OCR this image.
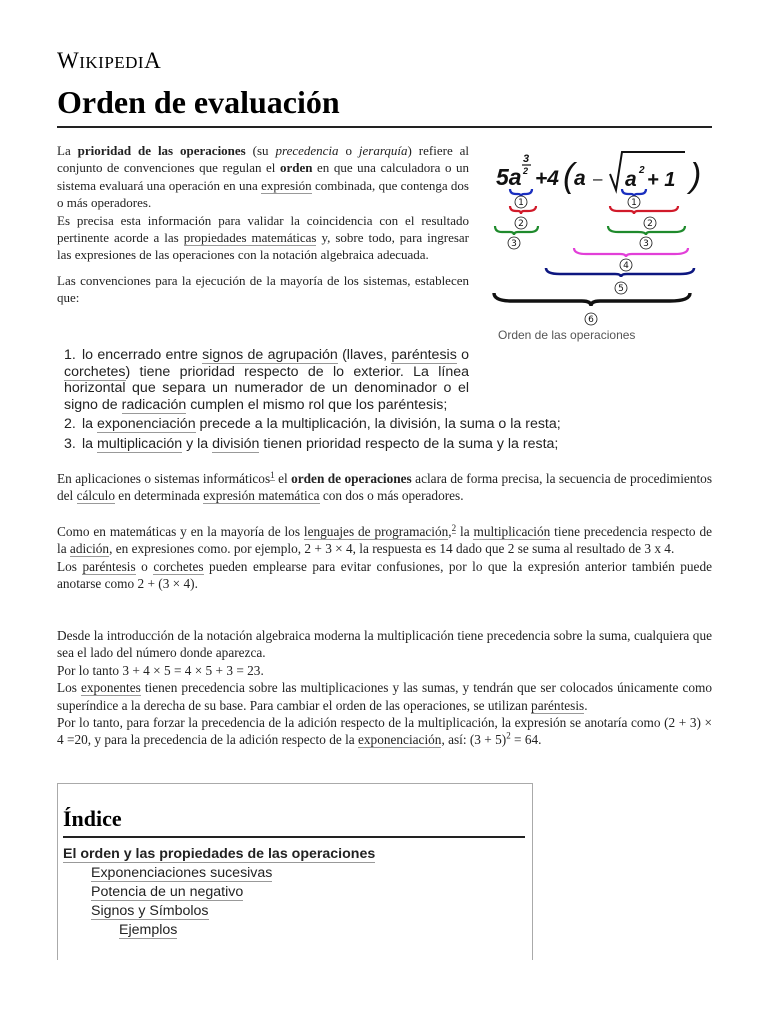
WIKIPEDIA
Orden de evaluación

La prioridad de las operaciones (su precedencia o jerarquía) refiere al conjunto de convenciones que regulan el orden en que una calculadora o un sistema evaluará una operación en una expresión combinada, que contenga dos o más operadores.
Es precisa esta información para validar la coincidencia con el resultado pertinente acorde a las propiedades matemáticas y, sobre todo, para ingresar las expresiones de las operaciones con la notación algebraica adecuada.

Las convenciones para la ejecución de la mayoría de los sistemas, establecen que:

5a
3
2 +4 ( a – a 2 + 1 )
1	1
2	2
3	3
4
5
6
Orden de las operaciones
1. lo encerrado entre signos de agrupación (llaves, paréntesis o corchetes) tiene prioridad respecto de lo exterior. La línea horizontal que separa un numerador de un denominador o el signo de radicación cumplen el mismo rol que los paréntesis;
2. la exponenciación precede a la multiplicación, la división, la suma o la resta;
3. la multiplicación y la división tienen prioridad respecto de la suma y la resta;

En aplicaciones o sistemas informáticos$^1$ el orden de operaciones aclara de forma precisa, la secuencia de procedimientos del cálculo en determinada expresión matemática con dos o más operadores.

Como en matemáticas y en la mayoría de los lenguajes de programación,$^2$ la multiplicación tiene precedencia respecto de la adición, en expresiones como. por ejemplo, 2 + 3 × 4, la respuesta es 14 dado que 2 se suma al resultado de 3 x 4.
Los paréntesis o corchetes pueden emplearse para evitar confusiones, por lo que la expresión anterior también puede anotarse como 2 + (3 × 4).

Desde la introducción de la notación algebraica moderna la multiplicación tiene precedencia sobre la suma, cualquiera que sea el lado del número donde aparezca.
Por lo tanto 3 + 4 × 5 = 4 × 5 + 3 = 23.
Los exponentes tienen precedencia sobre las multiplicaciones y las sumas, y tendrán que ser colocados únicamente como superíndice a la derecha de su base. Para cambiar el orden de las operaciones, se utilizan paréntesis.
Por lo tanto, para forzar la precedencia de la adición respecto de la multiplicación, la expresión se anotaría como (2 + 3) × 4 =20, y para la precedencia de la adición respecto de la exponenciación, así: $(3 + 5)^2 = 64$.

Índice
El orden y las propiedades de las operaciones
Exponenciaciones sucesivas
Potencia de un negativo
Signos y Símbolos
Ejemplos
